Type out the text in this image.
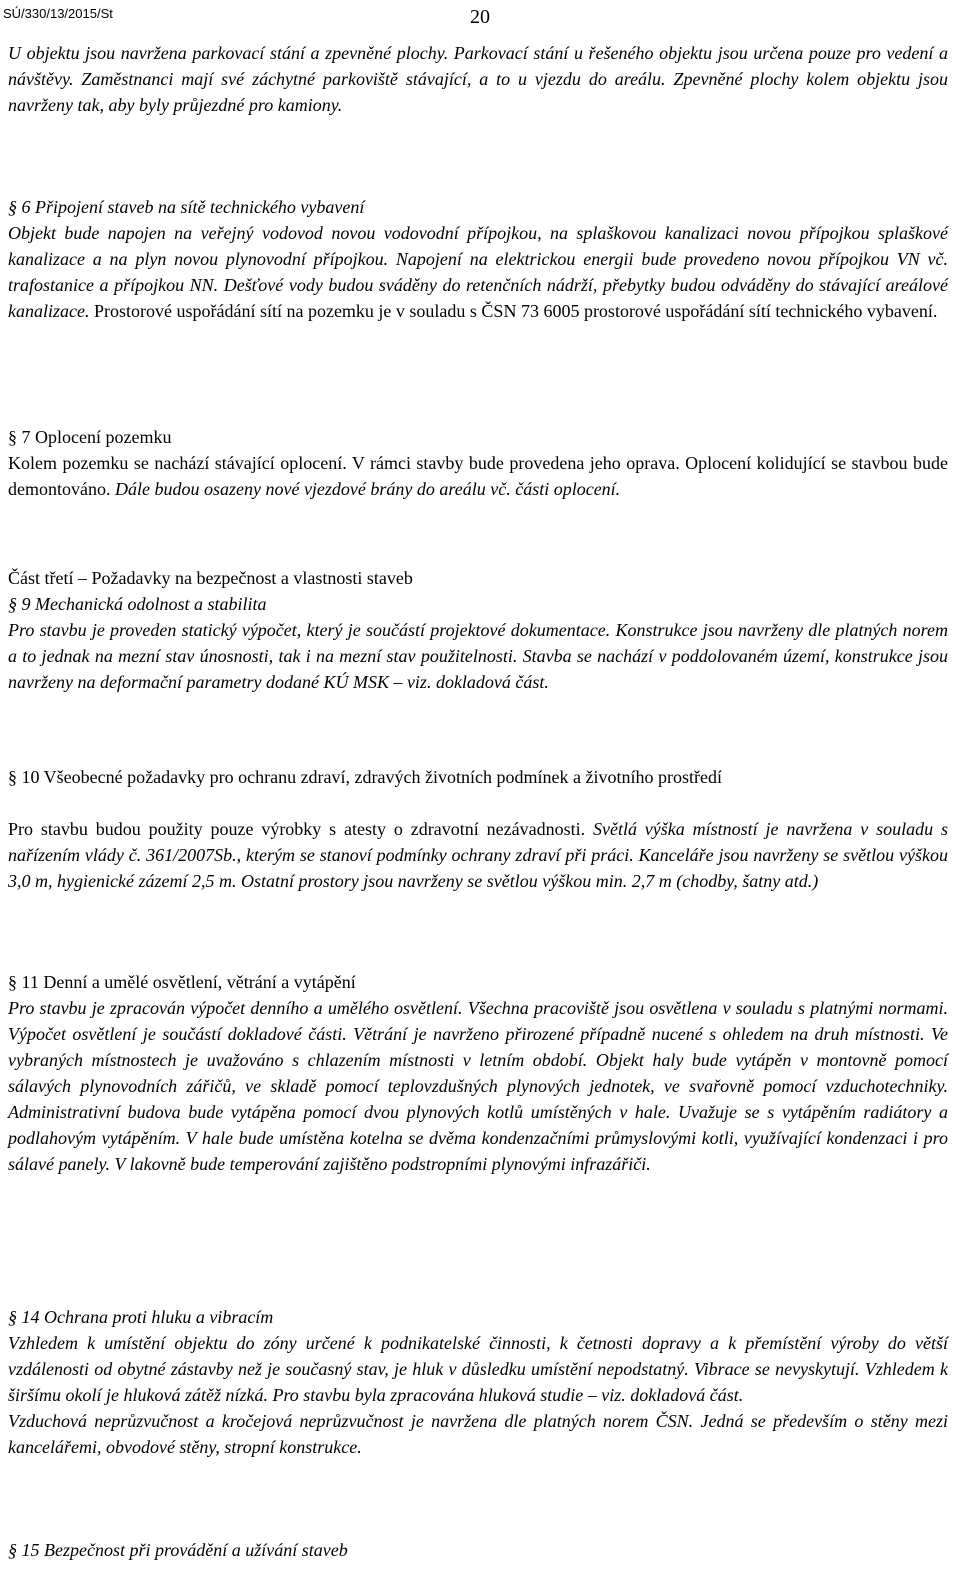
SÚ/330/13/2015/St	20

U objektu jsou navržena parkovací stání a zpevněné plochy. Parkovací stání u řešeného objektu jsou určena pouze pro vedení a návštěvy. Zaměstnanci mají své záchytné parkoviště stávající, a to u vjezdu do areálu. Zpevněné plochy kolem objektu jsou navrženy tak, aby byly průjezdné pro kamiony.

§ 6 Připojení staveb na sítě technického vybavení

Objekt bude napojen na veřejný vodovod novou vodovodní přípojkou, na splaškovou kanalizaci novou přípojkou splaškové kanalizace a na plyn novou plynovodní přípojkou. Napojení na elektrickou energii bude provedeno novou přípojkou VN vč. trafostanice a přípojkou NN. Dešťové vody budou sváděny do retenčních nádrží, přebytky budou odváděny do stávající areálové kanalizace. Prostorové uspořádání sítí na pozemku je v souladu s ČSN 73 6005 prostorové uspořádání sítí technického vybavení.

§ 7 Oplocení pozemku

Kolem pozemku se nachází stávající oplocení. V rámci stavby bude provedena jeho oprava. Oplocení kolidující se stavbou bude demontováno. Dále budou osazeny nové vjezdové brány do areálu vč. části oplocení.

Část třetí – Požadavky na bezpečnost a vlastnosti staveb

§ 9 Mechanická odolnost a stabilita

Pro stavbu je proveden statický výpočet, který je součástí projektové dokumentace. Konstrukce jsou navrženy dle platných norem a to jednak na mezní stav únosnosti, tak i na mezní stav použitelnosti. Stavba se nachází v poddolovaném území, konstrukce jsou navrženy na deformační parametry dodané KÚ MSK – viz. dokladová část.

§ 10 Všeobecné požadavky pro ochranu zdraví, zdravých životních podmínek a životního prostředí

Pro stavbu budou použity pouze výrobky s atesty o zdravotní nezávadnosti. Světlá výška místností je navržena v souladu s nařízením vlády č. 361/2007Sb., kterým se stanoví podmínky ochrany zdraví při práci. Kanceláře jsou navrženy se světlou výškou 3,0 m, hygienické zázemí 2,5 m. Ostatní prostory jsou navrženy se světlou výškou min. 2,7 m (chodby, šatny atd.)

§ 11 Denní a umělé osvětlení, větrání a vytápění

Pro stavbu je zpracován výpočet denního a umělého osvětlení. Všechna pracoviště jsou osvětlena v souladu s platnými normami. Výpočet osvětlení je součástí dokladové části. Větrání je navrženo přirozené případně nucené s ohledem na druh místnosti. Ve vybraných místnostech je uvažováno s chlazením místnosti v letním období. Objekt haly bude vytápěn v montovně pomocí sálavých plynovodních zářičů, ve skladě pomocí teplovzdušných plynových jednotek, ve svařovně pomocí vzduchotechniky. Administrativní budova bude vytápěna pomocí dvou plynových kotlů umístěných v hale. Uvažuje se s vytápěním radiátory a podlahovým vytápěním. V hale bude umístěna kotelna se dvěma kondenzačními průmyslovými kotli, využívající kondenzaci i pro sálavé panely. V lakovně bude temperování zajištěno podstropními plynovými infrazářiči.

§ 14 Ochrana proti hluku a vibracím

Vzhledem k umístění objektu do zóny určené k podnikatelské činnosti, k četnosti dopravy a k přemístění výroby do větší vzdálenosti od obytné zástavby než je současný stav, je hluk v důsledku umístění nepodstatný. Vibrace se nevyskytují. Vzhledem k širšímu okolí je hluková zátěž nízká. Pro stavbu byla zpracována hluková studie – viz. dokladová část.
Vzduchová neprůzvučnost a kročejová neprůzvučnost je navržena dle platných norem ČSN. Jedná se především o stěny mezi kancelářemi, obvodové stěny, stropní konstrukce.

§ 15 Bezpečnost při provádění a užívání staveb
